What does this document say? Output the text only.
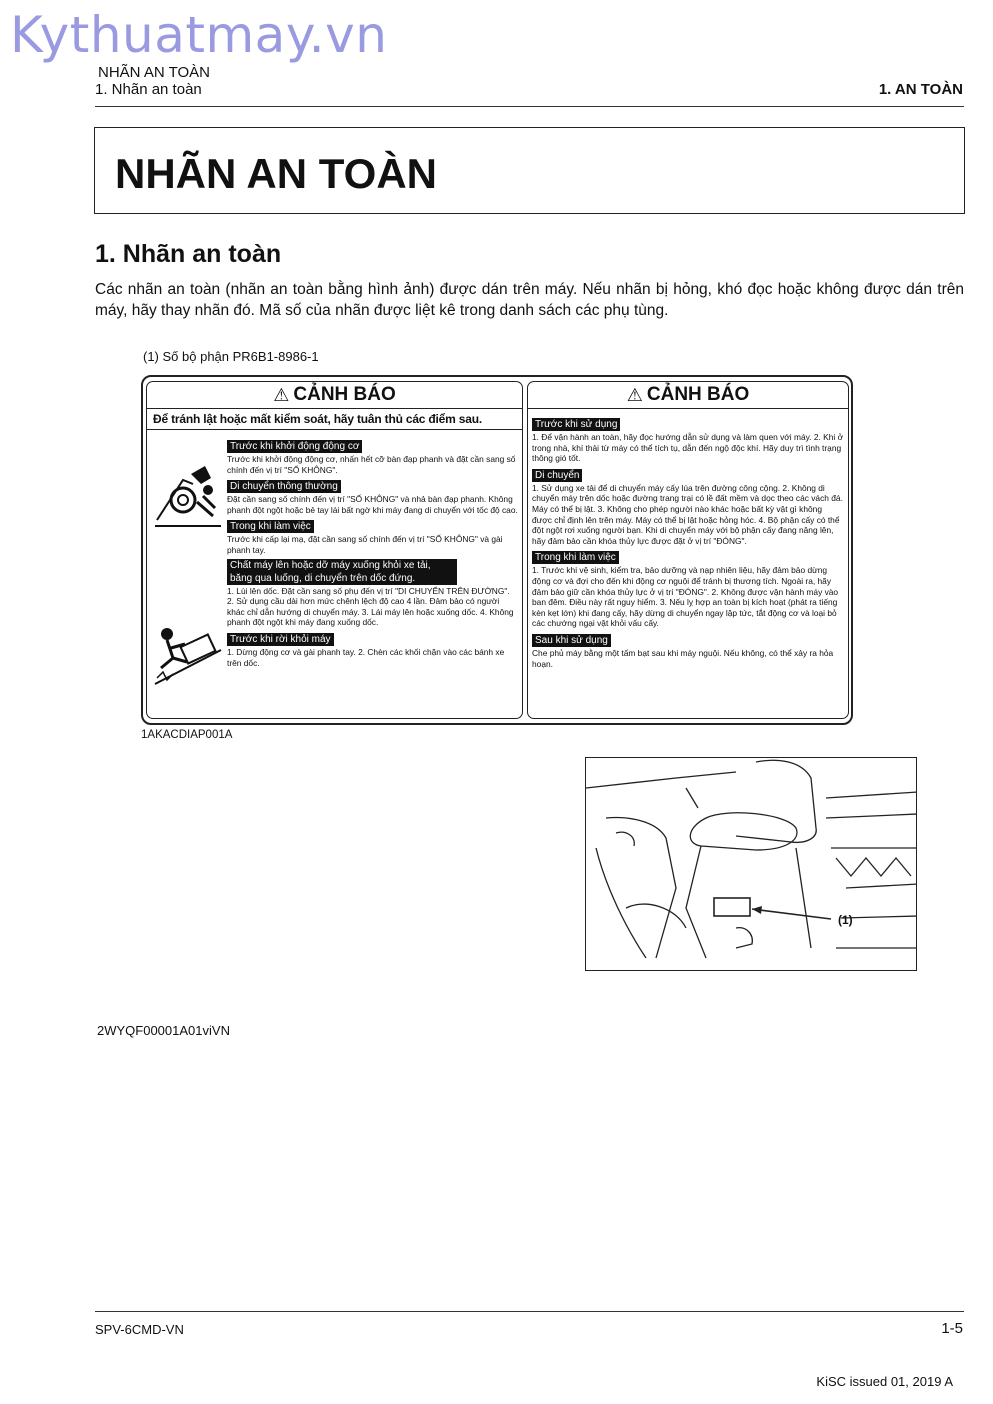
Kythuatmay.vn
NHÃN AN TOÀN
1. Nhãn an toàn	1. AN TOÀN
NHÃN AN TOÀN
1. Nhãn an toàn
Các nhãn an toàn (nhãn an toàn bằng hình ảnh) được dán trên máy. Nếu nhãn bị hỏng, khó đọc hoặc không được dán trên máy, hãy thay nhãn đó. Mã số của nhãn được liệt kê trong danh sách các phụ tùng.
(1) Số bộ phận PR6B1-8986-1
⚠ CẢNH BÁO
Để tránh lật hoặc mất kiểm soát, hãy tuân thủ các điểm sau.
Trước khi khởi động động cơ
Trước khi khởi động động cơ, nhấn hết cỡ bàn đạp phanh và đặt cần sang số chính đến vị trí "SỐ KHÔNG".
Di chuyển thông thường
Đặt cần sang số chính đến vị trí "SỐ KHÔNG" và nhả bàn đạp phanh. Không phanh đột ngột hoặc bẻ tay lái bất ngờ khi máy đang di chuyển với tốc độ cao.
Trong khi làm việc
Trước khi cấp lại mạ, đặt cần sang số chính đến vị trí "SỐ KHÔNG" và gài phanh tay.
Chất máy lên hoặc dỡ máy xuống khỏi xe tải, băng qua luống, di chuyển trên dốc đứng.
1. Lùi lên dốc. Đặt cần sang số phụ đến vị trí "DI CHUYỂN TRÊN ĐƯỜNG". 2. Sử dụng cầu dài hơn mức chênh lệch độ cao 4 lần. Đảm bảo có người khác chỉ dẫn hướng di chuyển máy. 3. Lái máy lên hoặc xuống dốc. 4. Không phanh đột ngột khi máy đang xuống dốc.
Trước khi rời khỏi máy
1. Dừng động cơ và gài phanh tay. 2. Chèn các khối chặn vào các bánh xe trên dốc.
⚠ CẢNH BÁO
Trước khi sử dụng
1. Để vận hành an toàn, hãy đọc hướng dẫn sử dụng và làm quen với máy. 2. Khi ở trong nhà, khí thải từ máy có thể tích tụ, dẫn đến ngộ độc khí. Hãy duy trì tình trạng thông gió tốt.
Di chuyển
1. Sử dụng xe tải để di chuyển máy cấy lúa trên đường công cộng. 2. Không di chuyển máy trên dốc hoặc đường trang trại có lề đất mềm và dọc theo các vách đá. Máy có thể bị lật. 3. Không cho phép người nào khác hoặc bất kỳ vật gì không được chỉ định lên trên máy. Máy có thể bị lật hoặc hỏng hóc. 4. Bộ phận cấy có thể đột ngột rơi xuống người bạn. Khi di chuyển máy với bộ phận cấy đang nâng lên, hãy đảm bảo cần khóa thủy lực được đặt ở vị trí "ĐÓNG".
Trong khi làm việc
1. Trước khi vệ sinh, kiểm tra, bảo dưỡng và nạp nhiên liệu, hãy đảm bảo dừng động cơ và đợi cho đến khi động cơ nguội để tránh bị thương tích. Ngoài ra, hãy đảm bảo giữ cần khóa thủy lực ở vị trí "ĐÓNG". 2. Không được vận hành máy vào ban đêm. Điều này rất nguy hiểm. 3. Nếu lỵ hợp an toàn bị kích hoạt (phát ra tiếng kèn kẹt lớn) khi đang cấy, hãy dừng di chuyển ngay lập tức, tắt động cơ và loại bỏ các chướng ngại vật khỏi vấu cấy.
Sau khi sử dụng
Che phủ máy bằng một tấm bạt sau khi máy nguội. Nếu không, có thể xảy ra hỏa hoạn.
1AKACDIAP001A
(1)
2WYQF00001A01viVN
SPV-6CMD-VN	1-5
KiSC issued 01, 2019 A
